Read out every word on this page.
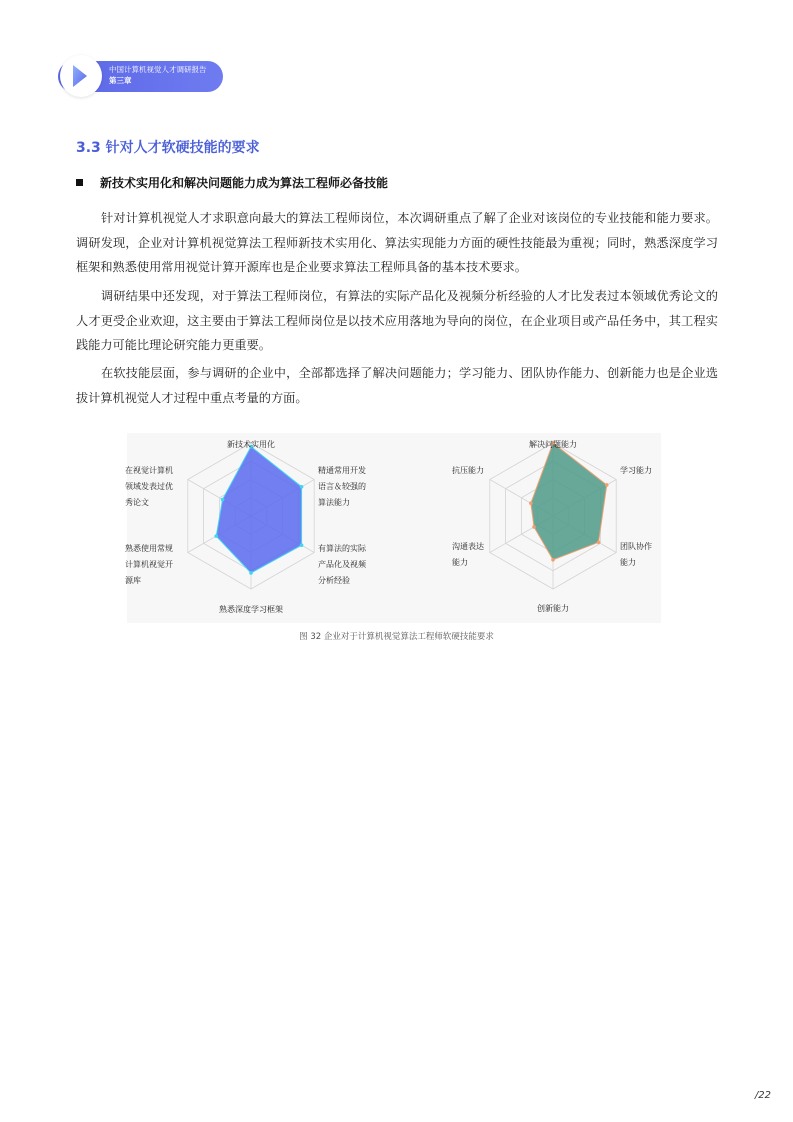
中国计算机视觉人才调研报告
第三章
3.3 针对人才软硬技能的要求
新技术实用化和解决问题能力成为算法工程师必备技能

针对计算机视觉人才求职意向最大的算法工程师岗位，本次调研重点了解了企业对该岗位的专业技能和能力要求。调研发现，企业对计算机视觉算法工程师新技术实用化、算法实现能力方面的硬性技能最为重视；同时，熟悉深度学习框架和熟悉使用常用视觉计算开源库也是企业要求算法工程师具备的基本技术要求。

调研结果中还发现，对于算法工程师岗位，有算法的实际产品化及视频分析经验的人才比发表过本领域优秀论文的人才更受企业欢迎，这主要由于算法工程师岗位是以技术应用落地为导向的岗位，在企业项目或产品任务中，其工程实践能力可能比理论研究能力更重要。

在软技能层面，参与调研的企业中，全部都选择了解决问题能力；学习能力、团队协作能力、创新能力也是企业选拔计算机视觉人才过程中重点考量的方面。

新技术实用化
精通常用开发语言＆较强的算法能力
有算法的实际产品化及视频分析经验
熟悉深度学习框架
熟悉使用常规计算机视觉开源库
在视觉计算机领域发表过优秀论文
解决问题能力
学习能力
团队协作能力
创新能力
沟通表达能力
抗压能力
图 32 企业对于计算机视觉算法工程师软硬技能要求
/22
